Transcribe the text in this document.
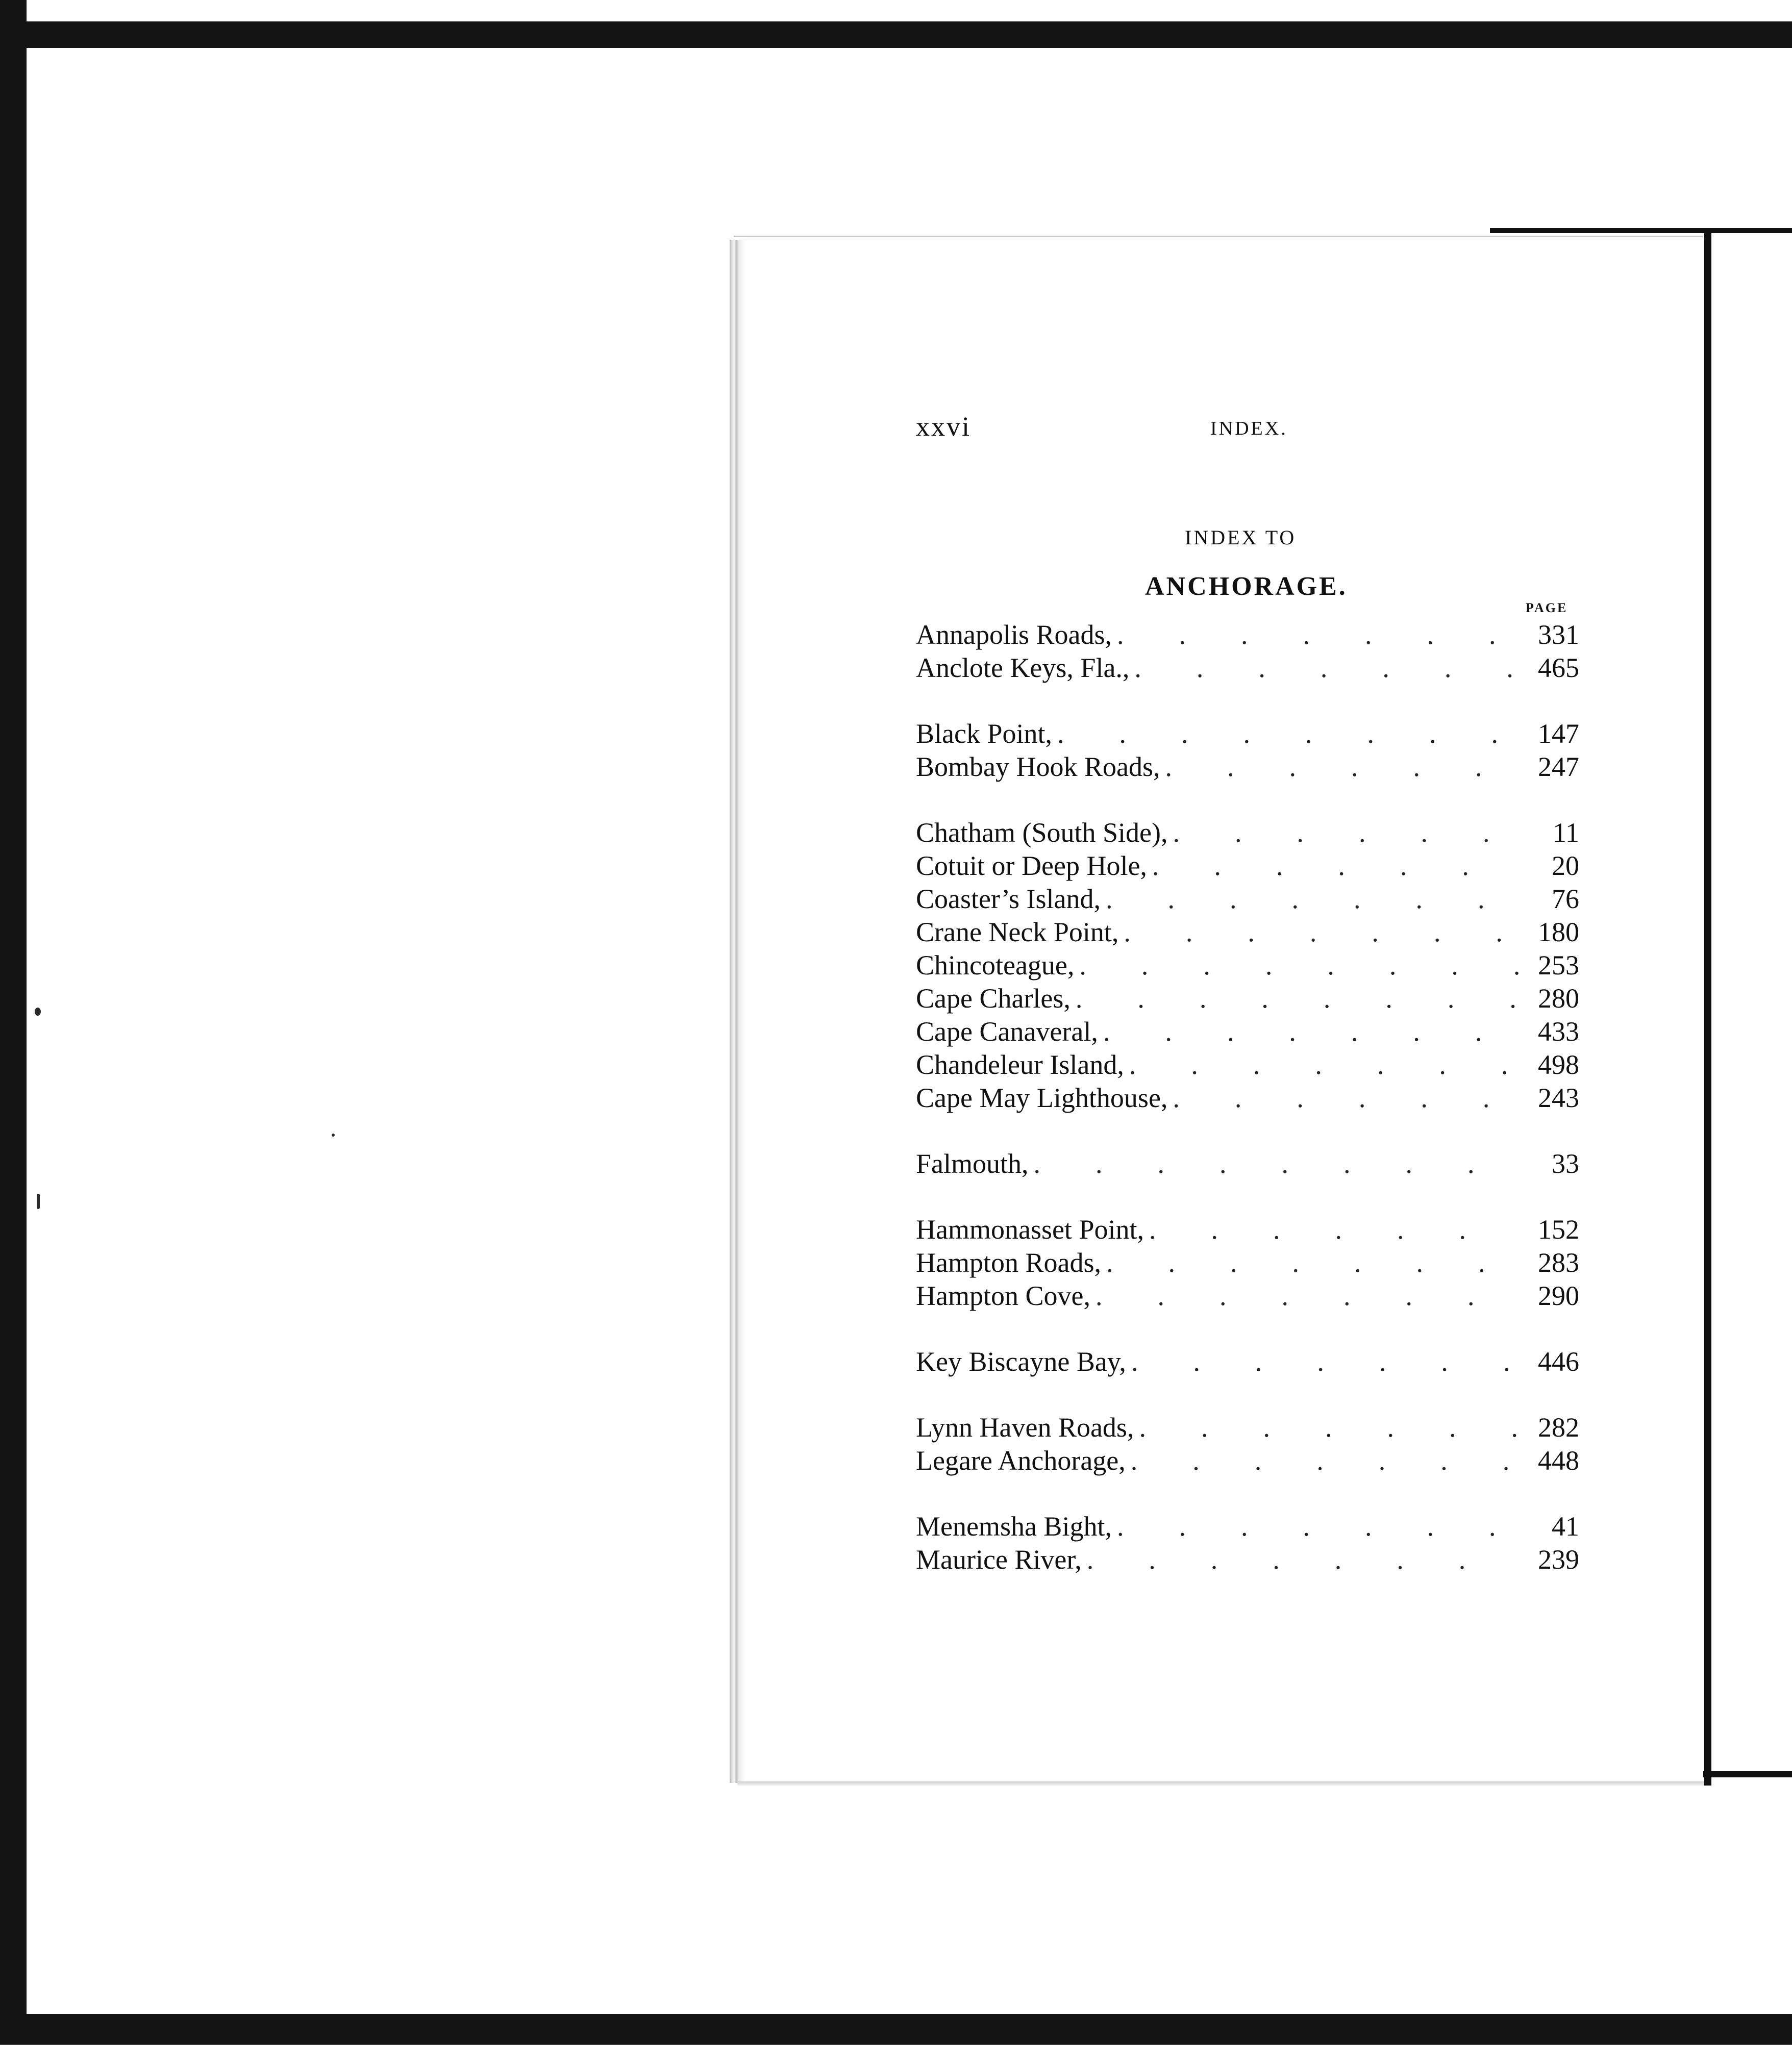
xxvi	INDEX.
INDEX TO
ANCHORAGE.
PAGE
Annapolis Roads, .	331
Anclote Keys, Fla., .	465
Black Point, .	147
Bombay Hook Roads, .	247
Chatham (South Side), .	11
Cotuit or Deep Hole, .	20
Coaster’s Island, .	76
Crane Neck Point, .	180
Chincoteague, .	253
Cape Charles, .	280
Cape Canaveral, .	433
Chandeleur Island, .	498
Cape May Lighthouse, .	243
Falmouth, .	33
Hammonasset Point, .	152
Hampton Roads, .	283
Hampton Cove, .	290
Key Biscayne Bay, .	446
Lynn Haven Roads, .	282
Legare Anchorage, .	448
Menemsha Bight, .	41
Maurice River, .	239
